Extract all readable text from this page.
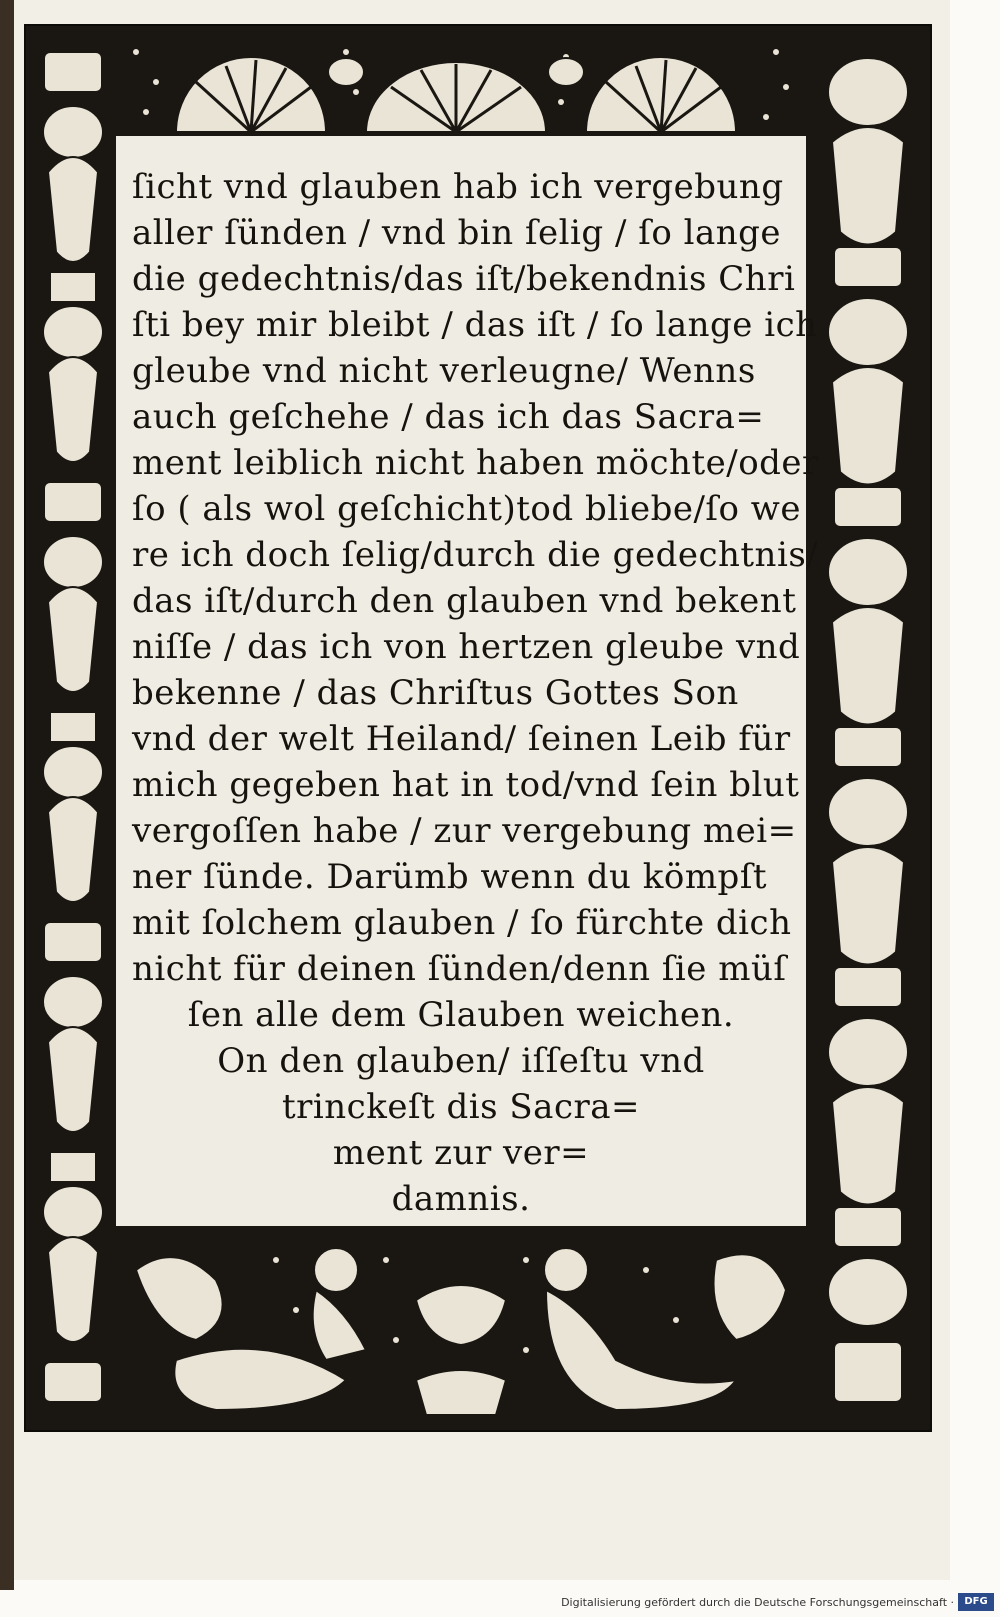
ſicht vnd glauben hab ich vergebung
aller ſünden / vnd bin ſelig / ſo lange
die gedechtnis/das iſt/bekendnis Chri
ſti bey mir bleibt / das iſt / ſo lange ich
gleube vnd nicht verleugne/ Wenns
auch geſchehe / das ich das Sacra=
ment leiblich nicht haben möchte/oder
ſo ( als wol geſchicht)tod bliebe/ſo we
re ich doch ſelig/durch die gedechtnis/
das iſt/durch den glauben vnd bekent
niſſe / das ich von hertzen gleube vnd
bekenne / das Chriſtus Gottes Son
vnd der welt Heiland/ ſeinen Leib für
mich gegeben hat in tod/vnd ſein blut
vergoſſen habe / zur vergebung mei=
ner ſünde. Darümb wenn du kömpſt
mit ſolchem glauben / ſo fürchte dich
nicht für deinen ſünden/denn ſie müſ
ſen alle dem Glauben weichen.
On den glauben/ iſſeſtu vnd
trinckeſt dis Sacra=
ment zur ver=
damnis.
Digitalisierung gefördert durch die Deutsche Forschungsgemeinschaft ·	DFG
